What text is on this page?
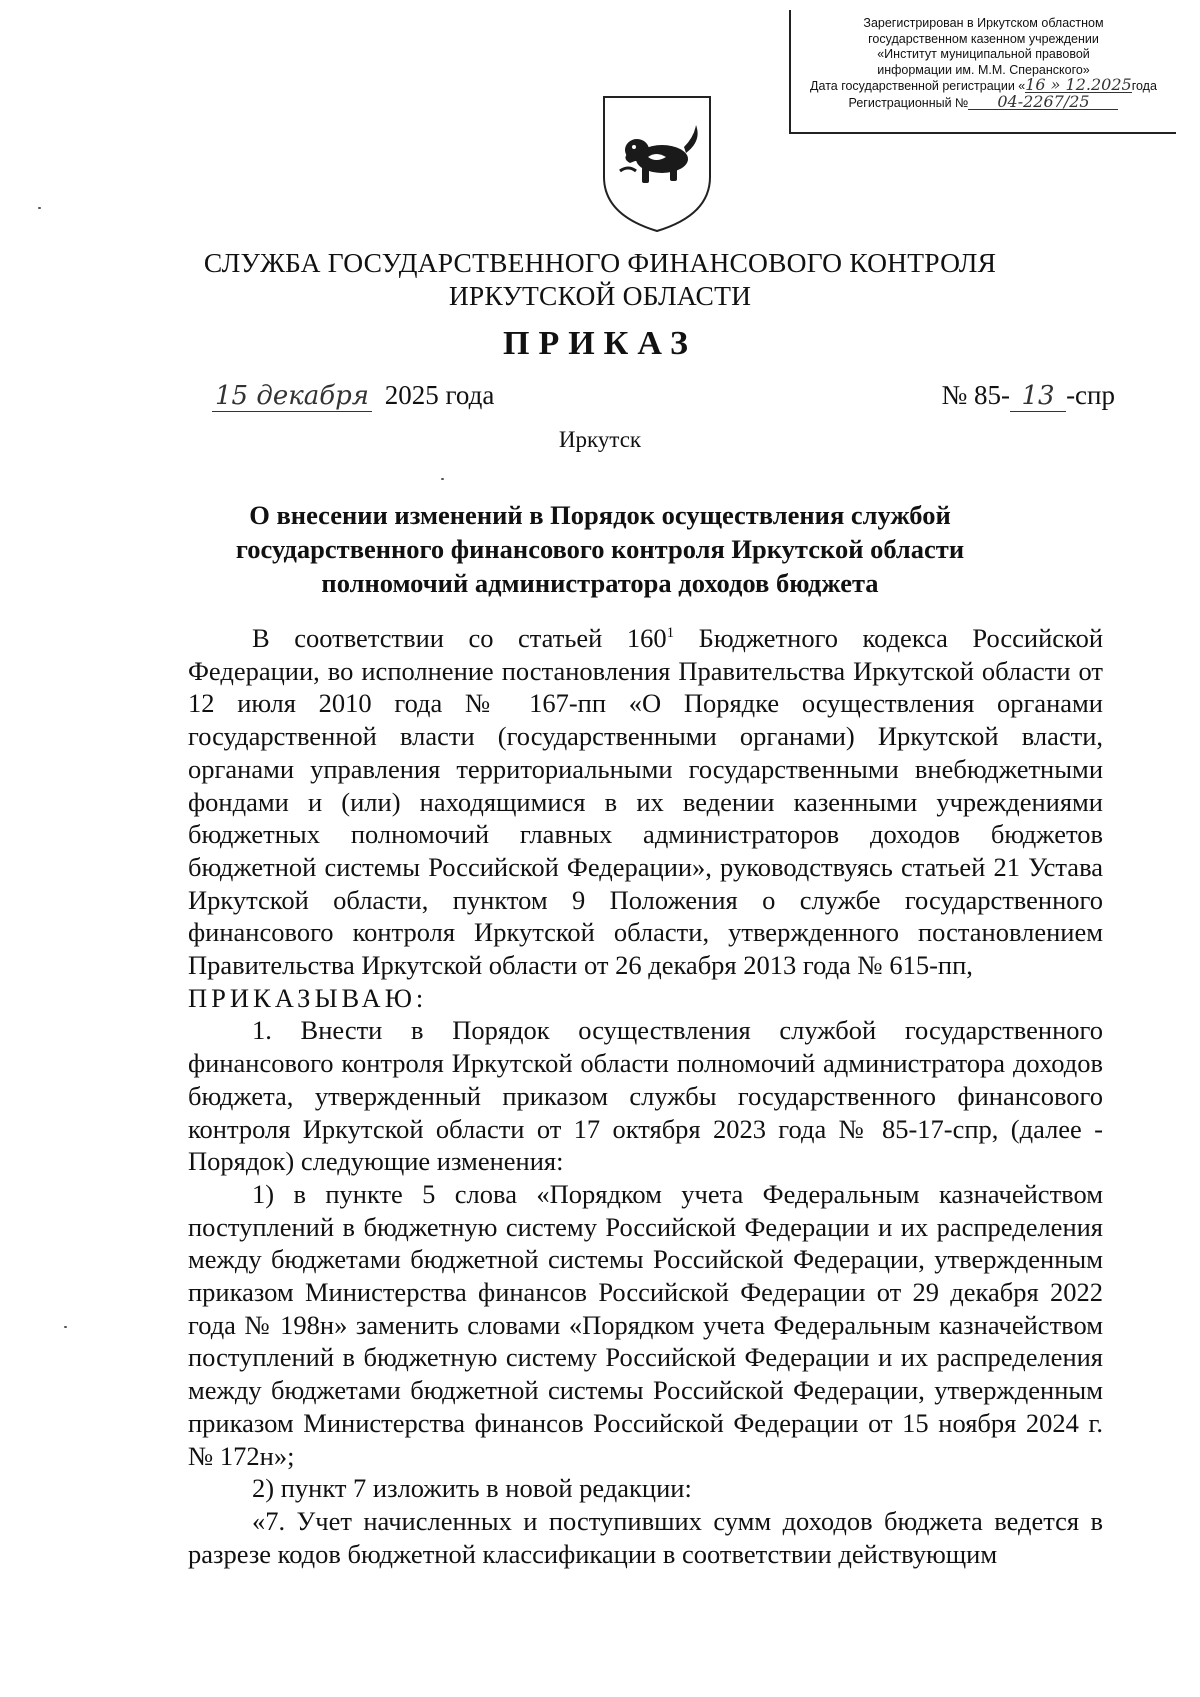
Зарегистрирован в Иркутском областном
государственном казенном учреждении
«Институт муниципальной правовой
информации им. М.М. Сперанского»
Дата государственной регистрации «16 » 12.2025года
Регистрационный № 04-2267/25
СЛУЖБА ГОСУДАРСТВЕННОГО ФИНАНСОВОГО КОНТРОЛЯ
ИРКУТСКОЙ ОБЛАСТИ
ПРИКАЗ
15 декабря 2025 года	№ 85- 13 -спр
Иркутск
О внесении изменений в Порядок осуществления службой
государственного финансового контроля Иркутской области
полномочий администратора доходов бюджета

В соответствии со статьей $160^1$ Бюджетного кодекса Российской Федерации, во исполнение постановления Правительства Иркутской области от 12 июля 2010 года № 167-пп «О Порядке осуществления органами государственной власти (государственными органами) Иркутской власти, органами управления территориальными государственными внебюджетными фондами и (или) находящимися в их ведении казенными учреждениями бюджетных полномочий главных администраторов доходов бюджетов бюджетной системы Российской Федерации», руководствуясь статьей 21 Устава Иркутской области, пунктом 9 Положения о службе государственного финансового контроля Иркутской области, утвержденного постановлением Правительства Иркутской области от 26 декабря 2013 года № 615-пп,

ПРИКАЗЫВАЮ:

1. Внести в Порядок осуществления службой государственного финансового контроля Иркутской области полномочий администратора доходов бюджета, утвержденный приказом службы государственного финансового контроля Иркутской области от 17 октября 2023 года № 85-17-спр, (далее - Порядок) следующие изменения:

1) в пункте 5 слова «Порядком учета Федеральным казначейством поступлений в бюджетную систему Российской Федерации и их распределения между бюджетами бюджетной системы Российской Федерации, утвержденным приказом Министерства финансов Российской Федерации от 29 декабря 2022 года № 198н» заменить словами «Порядком учета Федеральным казначейством поступлений в бюджетную систему Российской Федерации и их распределения между бюджетами бюджетной системы Российской Федерации, утвержденным приказом Министерства финансов Российской Федерации от 15 ноября 2024 г. № 172н»;

2) пункт 7 изложить в новой редакции:

«7. Учет начисленных и поступивших сумм доходов бюджета ведется в разрезе кодов бюджетной классификации в соответствии действующим
